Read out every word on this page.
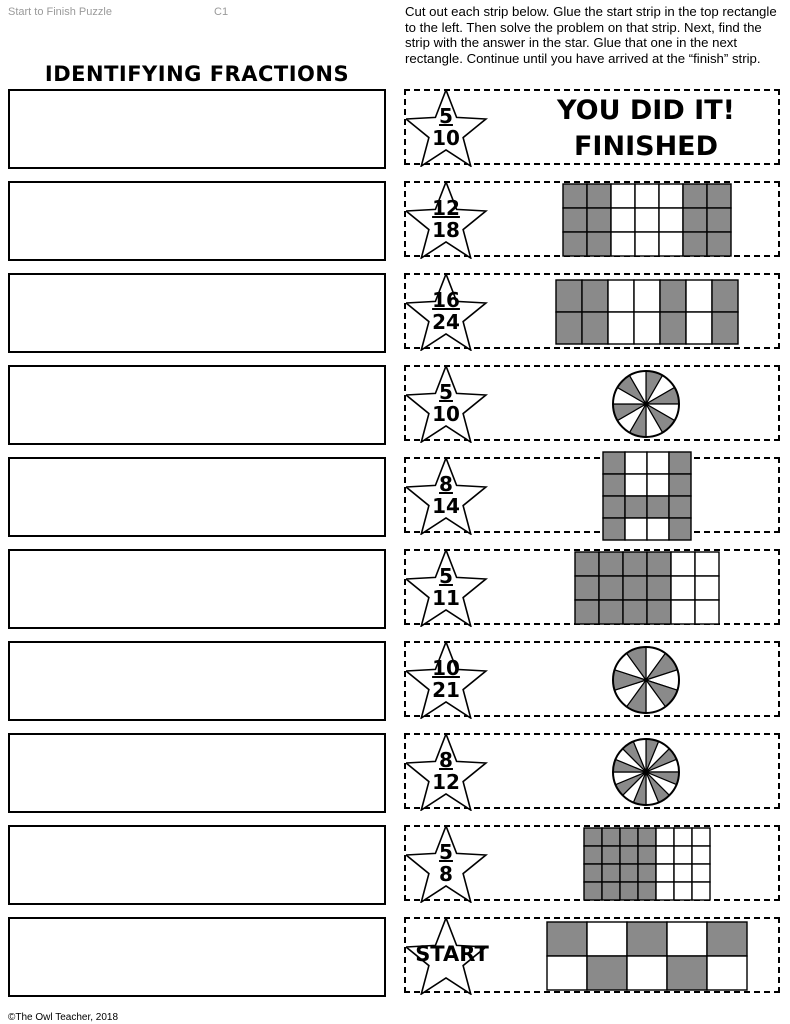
Start to Finish Puzzle	C1
IDENTIFYING FRACTIONS
Cut out each strip below. Glue the start strip in the top rectangle to the left. Then solve the problem on that strip. Next, find the strip with the answer in the star. Glue that one in the next rectangle. Continue until you have arrived at the “finish” strip.
$\frac{5}{10}$	YOU DID IT!
FINISHED
$\frac{12}{18}$
$\frac{16}{24}$
$\frac{5}{10}$
$\frac{8}{14}$
$\frac{5}{11}$
$\frac{10}{21}$
$\frac{8}{12}$
$\frac{5}{8}$
START
©The Owl Teacher, 2018
